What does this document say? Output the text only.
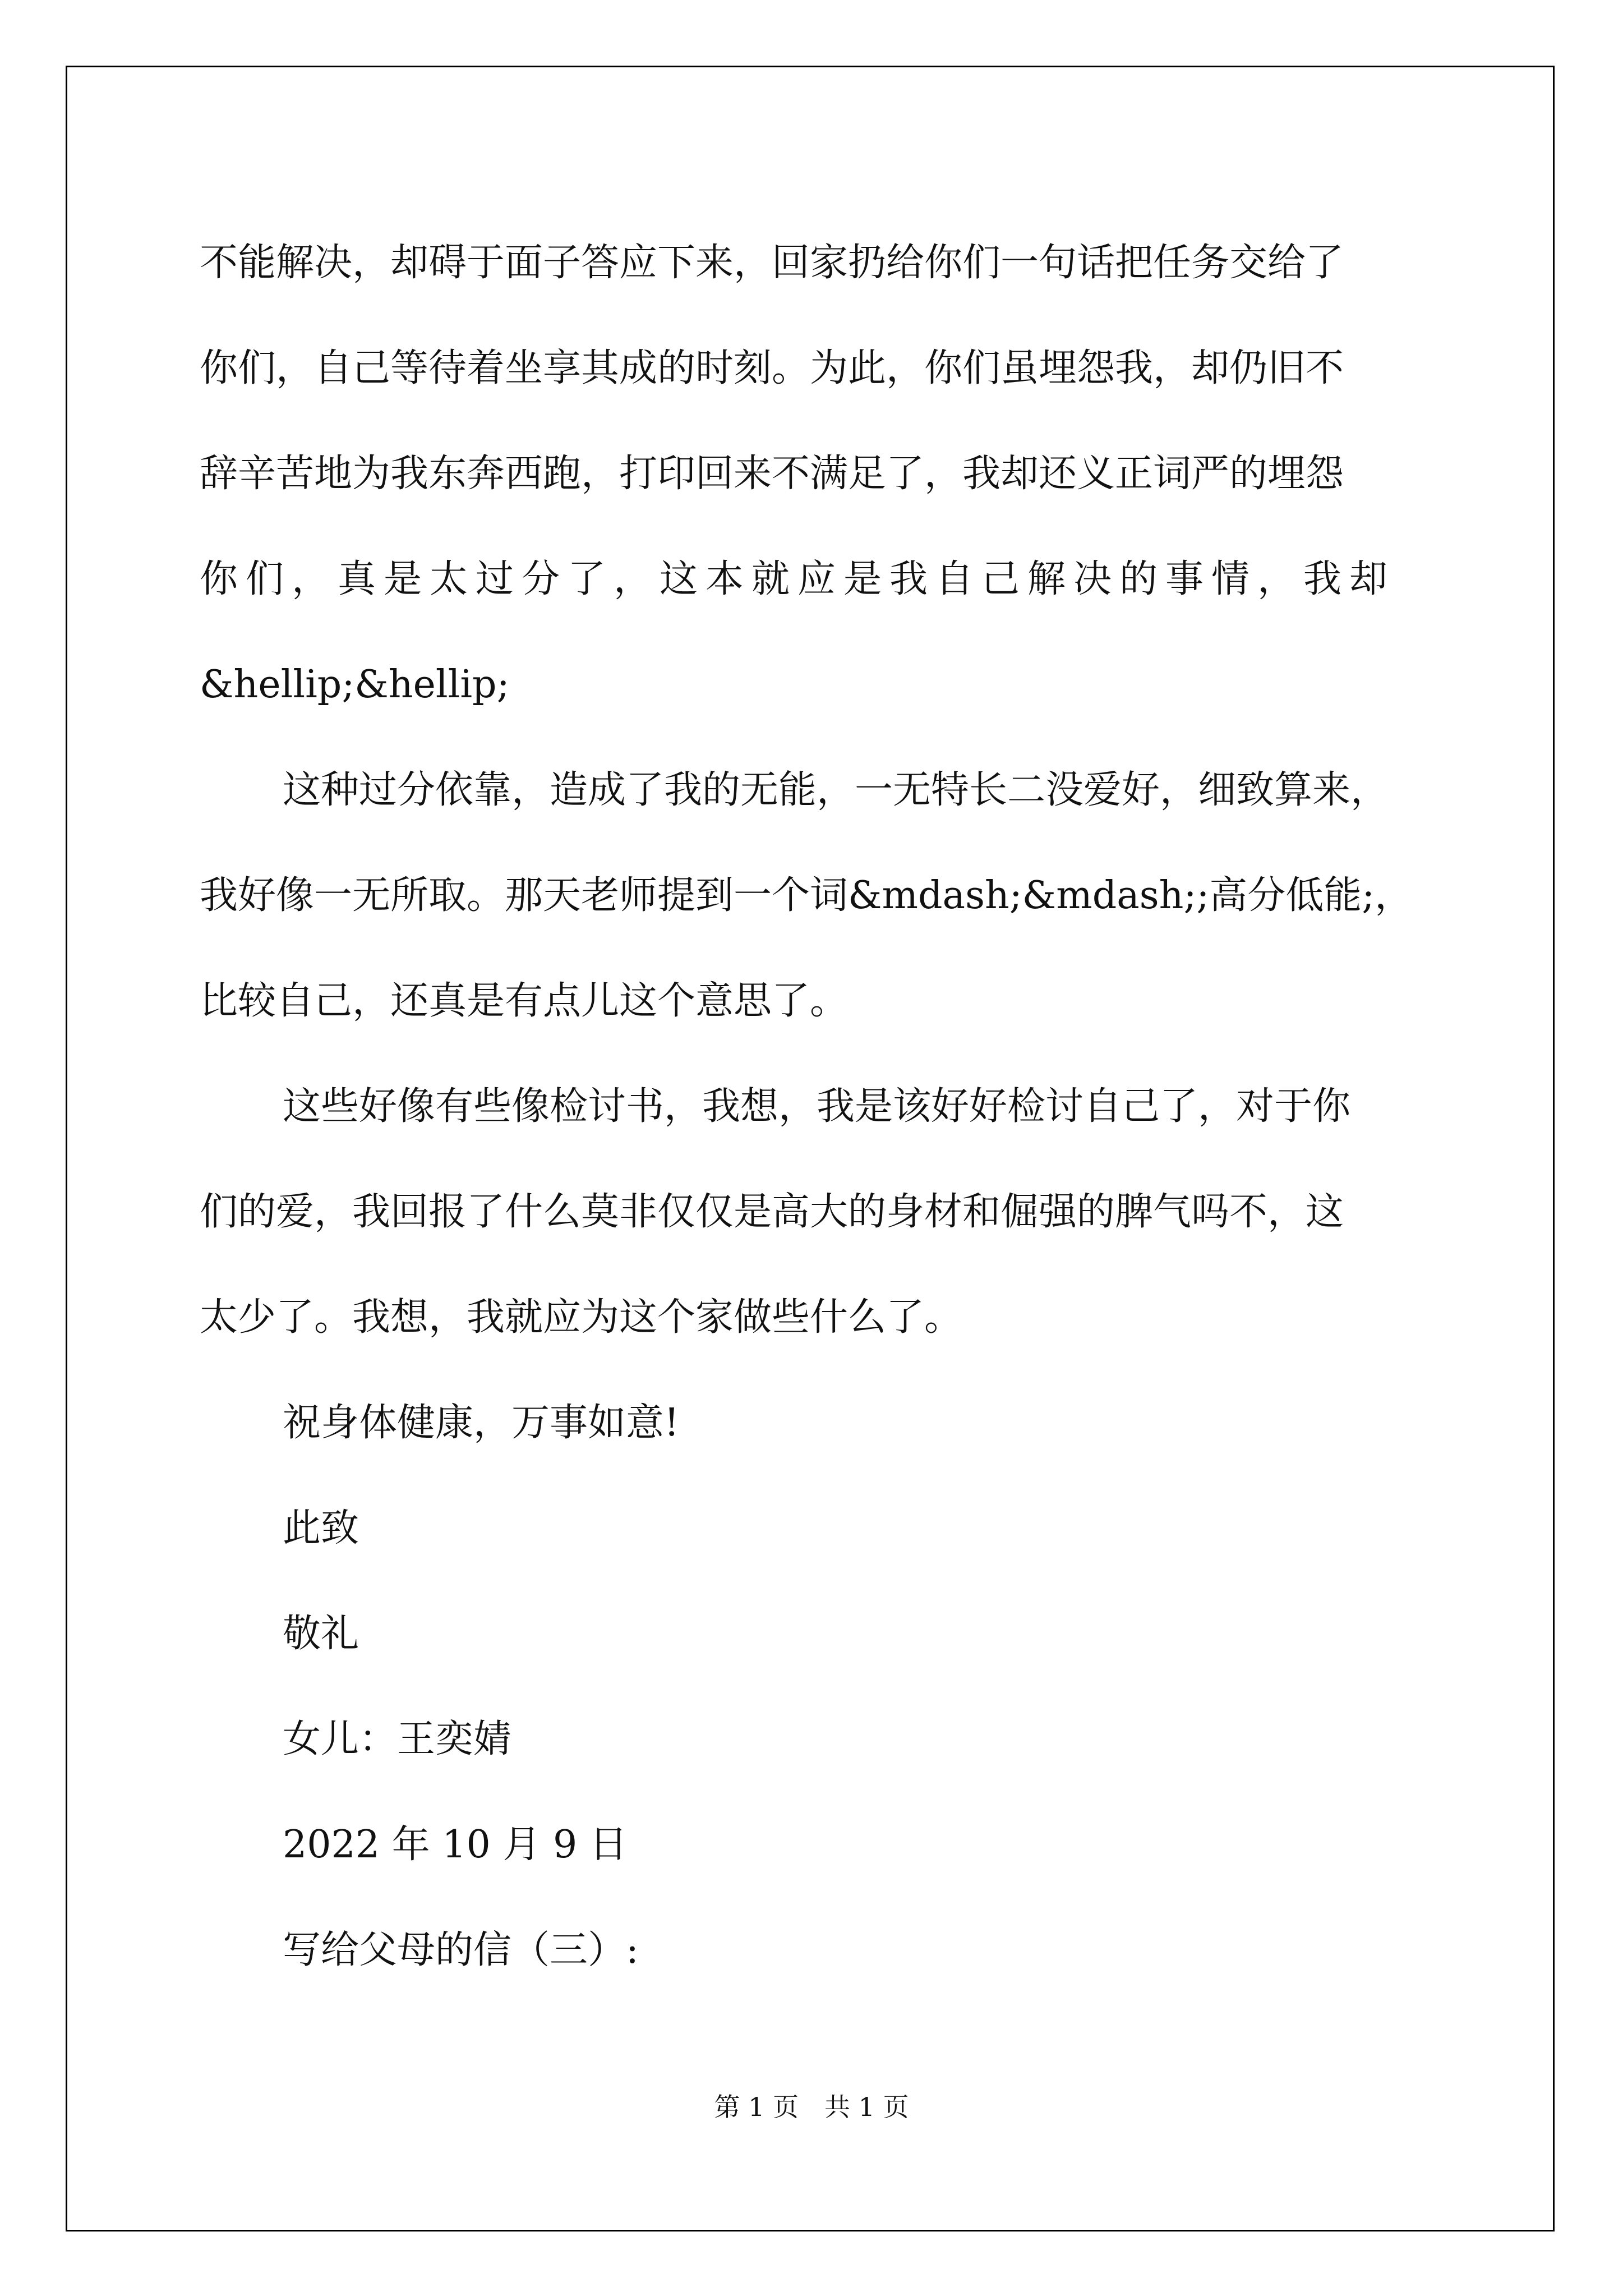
不能解决，却碍于面子答应下来，回家扔给你们一句话把任务交给了

你们，自己等待着坐享其成的时刻。为此，你们虽埋怨我，却仍旧不

辞辛苦地为我东奔西跑，打印回来不满足了，我却还义正词严的埋怨

你们，真是太过分了，这本就应是我自己解决的事情，我却

&hellip;&hellip;

这种过分依靠，造成了我的无能，一无特长二没爱好，细致算来，

我好像一无所取。那天老师提到一个词&mdash;&mdash;;高分低能;，

比较自己，还真是有点儿这个意思了。

这些好像有些像检讨书，我想，我是该好好检讨自己了，对于你

们的爱，我回报了什么莫非仅仅是高大的身材和倔强的脾气吗不，这

太少了。我想，我就应为这个家做些什么了。

祝身体健康，万事如意!

此致

敬礼

女儿：王奕婧

2022 年 10 月 9 日

写给父母的信（三）:

第 1 页 共 1 页
